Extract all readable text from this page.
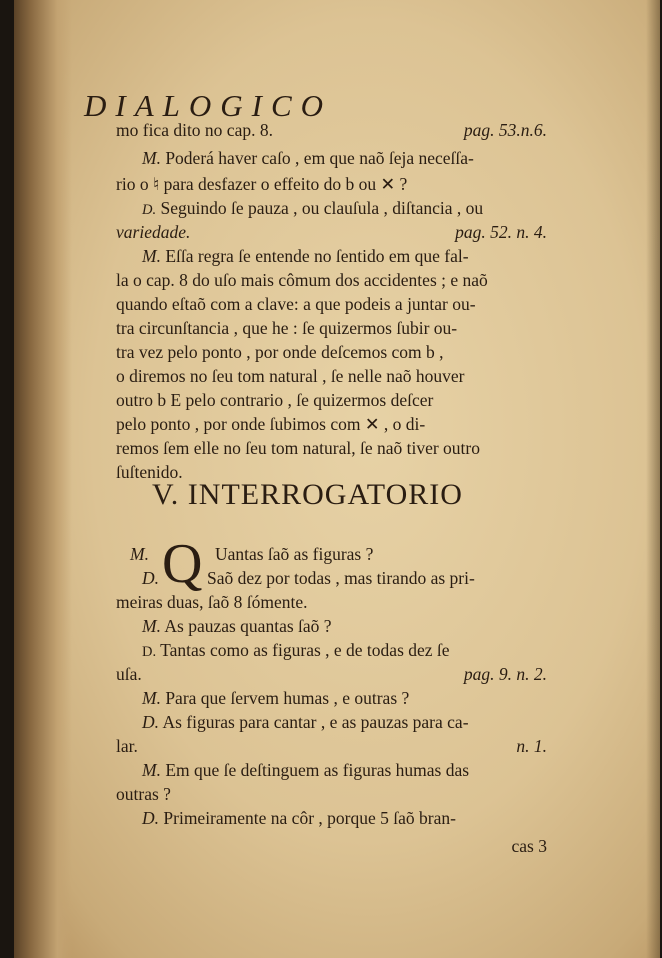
DIALOGICO
mo fica dito no cap. 8.	pag. 53.n.6.
M. Poderá haver caſo , em que naõ ſeja neceſſa-
rio o ♮ para desfazer o effeito do b ou ✕ ?
D. Seguindo ſe pauza , ou clauſula , diſtancia , ou
variedade.	pag. 52. n. 4.
M. Eſſa regra ſe entende no ſentido em que fal-
la o cap. 8 do uſo mais cômum dos accidentes ; e naõ
quando eſtaõ com a clave: a que podeis a juntar ou-
tra circunſtancia , que he : ſe quizermos ſubir ou-
tra vez pelo ponto , por onde deſcemos com b ,
o diremos no ſeu tom natural , ſe nelle naõ houver
outro b E pelo contrario , ſe quizermos deſcer
pelo ponto , por onde ſubimos com ✕ , o di-
remos ſem elle no ſeu tom natural, ſe naõ tiver outro
ſuſtenido.
M.	Uantas ſaõ as figuras ?
D.	Saõ dez por todas , mas tirando as pri-
meiras duas, ſaõ 8 ſómente.
M. As pauzas quantas ſaõ ?
D. Tantas como as figuras , e de todas dez ſe
uſa.	pag. 9. n. 2.
M. Para que ſervem humas , e outras ?
D. As figuras para cantar , e as pauzas para ca-
lar.	n. 1.
M. Em que ſe deſtinguem as figuras humas das
outras ?
D. Primeiramente na côr , porque 5 ſaõ bran-
cas 3
V. INTERROGATORIO
Q
